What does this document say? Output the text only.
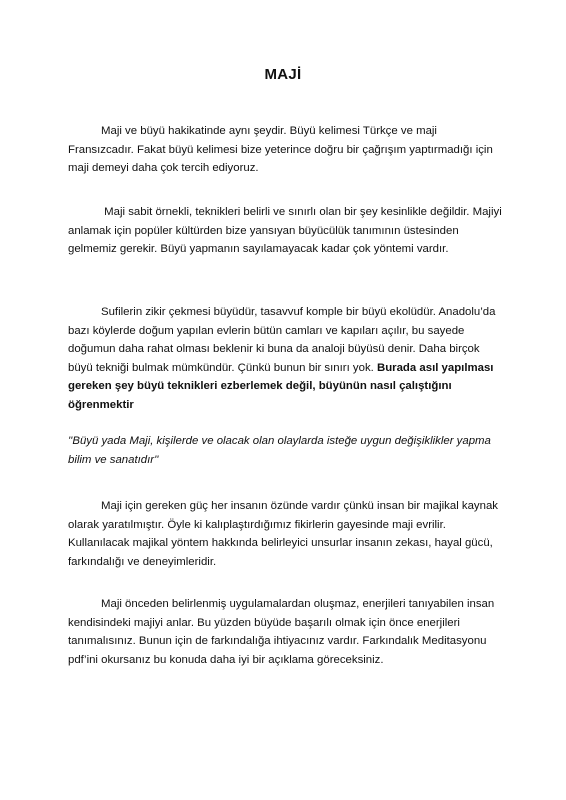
MAJİ
Maji ve büyü hakikatinde aynı şeydir. Büyü kelimesi Türkçe ve maji Fransızcadır. Fakat büyü kelimesi bize yeterince doğru bir çağrışım yaptırmadığı için maji demeyi daha çok tercih ediyoruz.
Maji sabit örnekli, teknikleri belirli ve sınırlı olan bir şey kesinlikle değildir. Majiyi anlamak için popüler kültürden bize yansıyan büyücülük tanımının üstesinden gelmemiz gerekir. Büyü yapmanın sayılamayacak kadar çok yöntemi vardır.
Sufilerin zikir çekmesi büyüdür, tasavvuf komple bir büyü ekolüdür. Anadolu’da bazı köylerde doğum yapılan evlerin bütün camları ve kapıları açılır, bu sayede doğumun daha rahat olması beklenir ki buna da analoji büyüsü denir. Daha birçok büyü tekniği bulmak mümkündür. Çünkü bunun bir sınırı yok. Burada asıl yapılması gereken şey büyü teknikleri ezberlemek değil, büyünün nasıl çalıştığını öğrenmektir
''Büyü yada Maji, kişilerde ve olacak olan olaylarda isteğe uygun değişiklikler yapma bilim ve sanatıdır''
Maji için gereken güç her insanın özünde vardır çünkü insan bir majikal kaynak olarak yaratılmıştır. Öyle ki kalıplaştırdığımız fikirlerin gayesinde maji evrilir. Kullanılacak majikal yöntem hakkında belirleyici unsurlar insanın zekası, hayal gücü, farkındalığı ve deneyimleridir.
Maji önceden belirlenmiş uygulamalardan oluşmaz, enerjileri tanıyabilen insan kendisindeki majiyi anlar. Bu yüzden büyüde başarılı olmak için önce enerjileri tanımalısınız. Bunun için de farkındalığa ihtiyacınız vardır. Farkındalık Meditasyonu pdf’ini okursanız bu konuda daha iyi bir açıklama göreceksiniz.
